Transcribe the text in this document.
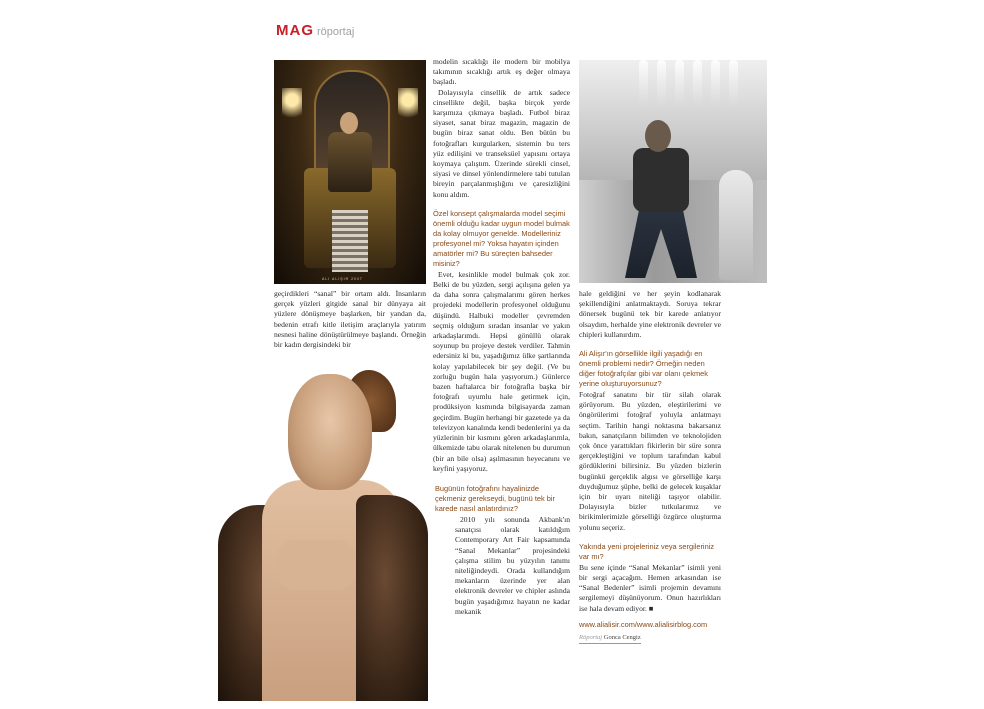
MAG röportaj
ALI ALIŞIR 2007

geçirdikleri “sanal” bir ortam aldı. İnsanların gerçek yüzleri gitgide sanal bir dünyaya ait yüzlere dönüşmeye başlarken, bir yandan da, bedenin etrafı kitle iletişim araçlarıyla yatırım nesnesi haline dönüştürülmeye başlandı. Örneğin bir kadın dergisindeki bir

modelin sıcaklığı ile modern bir mobilya takımının sıcaklığı artık eş değer olmaya başladı.

Dolayısıyla cinsellik de artık sadece cinsellikte değil, başka birçok yerde karşımıza çıkmaya başladı. Futbol biraz siyaset, sanat biraz magazin, magazin de bugün biraz sanat oldu. Ben bütün bu fotoğrafları kurgularken, sistemin bu ters yüz edilişini ve transeksüel yapısını ortaya koymaya çalıştım. Üzerinde sürekli cinsel, siyasi ve dinsel yönlendirmelere tabi tutulan bireyin parçalanmışlığını ve çaresizliğini konu aldım.

Özel konsept çalışmalarda model seçimi önemli olduğu kadar uygun model bulmak da kolay olmuyor genelde. Modelleriniz profesyonel mi? Yoksa hayatın içinden amatörler mi? Bu süreçten bahseder misiniz?

Evet, kesinlikle model bulmak çok zor. Belki de bu yüzden, sergi açılışına gelen ya da daha sonra çalışmalarımı gören herkes projedeki modellerin profesyonel olduğunu düşündü. Halbuki modeller çevremden seçmiş olduğum sıradan insanlar ve yakın arkadaşlarımdı. Hepsi gönüllü olarak soyunup bu projeye destek verdiler. Tahmin edersiniz ki bu, yaşadığımız ülke şartlarında kolay yapılabilecek bir şey değil. (Ve bu zorluğu bugün hala yaşıyorum.) Günlerce bazen haftalarca bir fotoğrafla başka bir fotoğrafı uyumlu hale getirmek için, prodüksiyon kısmında bilgisayarda zaman geçirdim. Bugün herhangi bir gazetede ya da televizyon kanalında kendi bedenlerini ya da yüzlerinin bir kısmını gören arkadaşlarımla, ülkemizde tabu olarak nitelenen bu durumun (bir an bile olsa) aşılmasının heyecanını ve keyfini yaşıyoruz.

Bugünün fotoğrafını hayalinizde çekmeniz gerekseydi, bugünü tek bir karede nasıl anlatırdınız?

2010 yılı sonunda Akbank'ın sanatçısı olarak katıldığım Contemporary Art Fair kapsamında “Sanal Mekanlar” projesindeki çalışma stilim bu yüzyılın tanımı niteliğindeydi. Orada kullandığım mekanların üzerinde yer alan elektronik devreler ve chipler aslında bugün yaşadığımız hayatın ne kadar mekanik

hale geldiğini ve her şeyin kodlanarak şekillendiğini anlatmaktaydı. Soruya tekrar dönersek bugünü tek bir karede anlatıyor olsaydım, herhalde yine elektronik devreler ve chipleri kullanırdım.

Ali Alişır'ın görsellikle ilgili yaşadığı en önemli problemi nedir? Örneğin neden diğer fotoğrafçılar gibi var olanı çekmek yerine oluşturuyorsunuz?

Fotoğraf sanatını bir tür silah olarak görüyorum. Bu yüzden, eleştirilerimi ve öngörülerimi fotoğraf yoluyla anlatmayı seçtim. Tarihin hangi noktasına bakarsanız bakın, sanatçıların bilimden ve teknolojiden çok önce yarattıkları fikirlerin bir süre sonra gerçekleştiğini ve toplum tarafından kabul gördüklerini bilirsiniz. Bu yüzden bizlerin bugünkü gerçeklik algısı ve görselliğe karşı duyduğumuz şüphe, belki de gelecek kuşaklar için bir uyarı niteliği taşıyor olabilir. Dolayısıyla bizler tutkularımız ve birikimlerimizle görselliği özgürce oluşturma yolunu seçeriz.

Yakında yeni projeleriniz veya sergileriniz var mı?

Bu sene içinde “Sanal Mekanlar” isimli yeni bir sergi açacağım. Hemen arkasından ise “Sanal Bedenler” isimli projemin devamını sergilemeyi düşünüyorum. Onun hazırlıkları ise hala devam ediyor. ■

www.alialisir.com/www.alialisirblog.com
Röportaj Gonca Cengiz
